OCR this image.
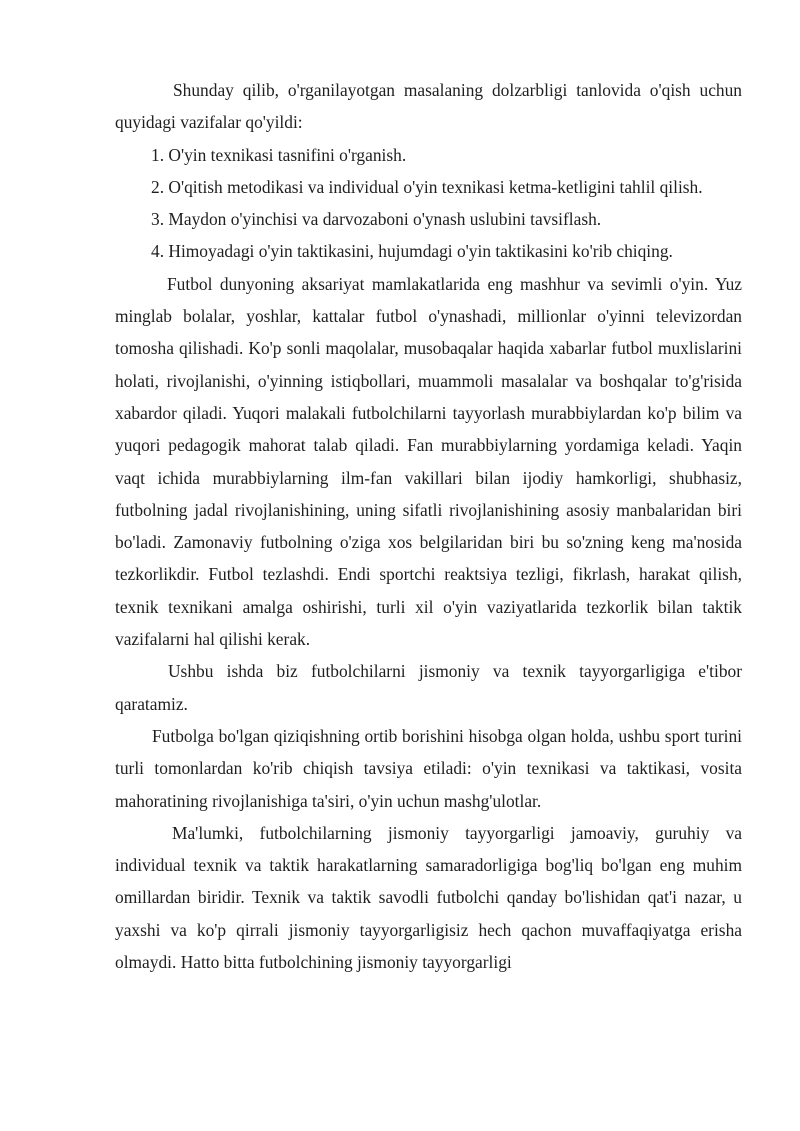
Shunday qilib, o'rganilayotgan masalaning dolzarbligi tanlovida o'qish uchun quyidagi vazifalar qo'yildi:

1. O'yin texnikasi tasnifini o'rganish.

2. O'qitish metodikasi va individual o'yin texnikasi ketma-ketligini tahlil qilish.

3. Maydon o'yinchisi va darvozaboni o'ynash uslubini tavsiflash.

4. Himoyadagi o'yin taktikasini, hujumdagi o'yin taktikasini ko'rib chiqing.

Futbol dunyoning aksariyat mamlakatlarida eng mashhur va sevimli o'yin. Yuz minglab bolalar, yoshlar, kattalar futbol o'ynashadi, millionlar o'yinni televizordan tomosha qilishadi. Ko'p sonli maqolalar, musobaqalar haqida xabarlar futbol muxlislarini holati, rivojlanishi, o'yinning istiqbollari, muammoli masalalar va boshqalar to'g'risida xabardor qiladi. Yuqori malakali futbolchilarni tayyorlash murabbiylardan ko'p bilim va yuqori pedagogik mahorat talab qiladi. Fan murabbiylarning yordamiga keladi. Yaqin vaqt ichida murabbiylarning ilm-fan vakillari bilan ijodiy hamkorligi, shubhasiz, futbolning jadal rivojlanishining, uning sifatli rivojlanishining asosiy manbalaridan biri bo'ladi. Zamonaviy futbolning o'ziga xos belgilaridan biri bu so'zning keng ma'nosida tezkorlikdir. Futbol tezlashdi. Endi sportchi reaktsiya tezligi, fikrlash, harakat qilish, texnik texnikani amalga oshirishi, turli xil o'yin vaziyatlarida tezkorlik bilan taktik vazifalarni hal qilishi kerak.

Ushbu ishda biz futbolchilarni jismoniy va texnik tayyorgarligiga e'tibor qaratamiz.

Futbolga bo'lgan qiziqishning ortib borishini hisobga olgan holda, ushbu sport turini turli tomonlardan ko'rib chiqish tavsiya etiladi: o'yin texnikasi va taktikasi, vosita mahoratining rivojlanishiga ta'siri, o'yin uchun mashg'ulotlar.

Ma'lumki, futbolchilarning jismoniy tayyorgarligi jamoaviy, guruhiy va individual texnik va taktik harakatlarning samaradorligiga bog'liq bo'lgan eng muhim omillardan biridir. Texnik va taktik savodli futbolchi qanday bo'lishidan qat'i nazar, u yaxshi va ko'p qirrali jismoniy tayyorgarligisiz hech qachon muvaffaqiyatga erisha olmaydi. Hatto bitta futbolchining jismoniy tayyorgarligi
